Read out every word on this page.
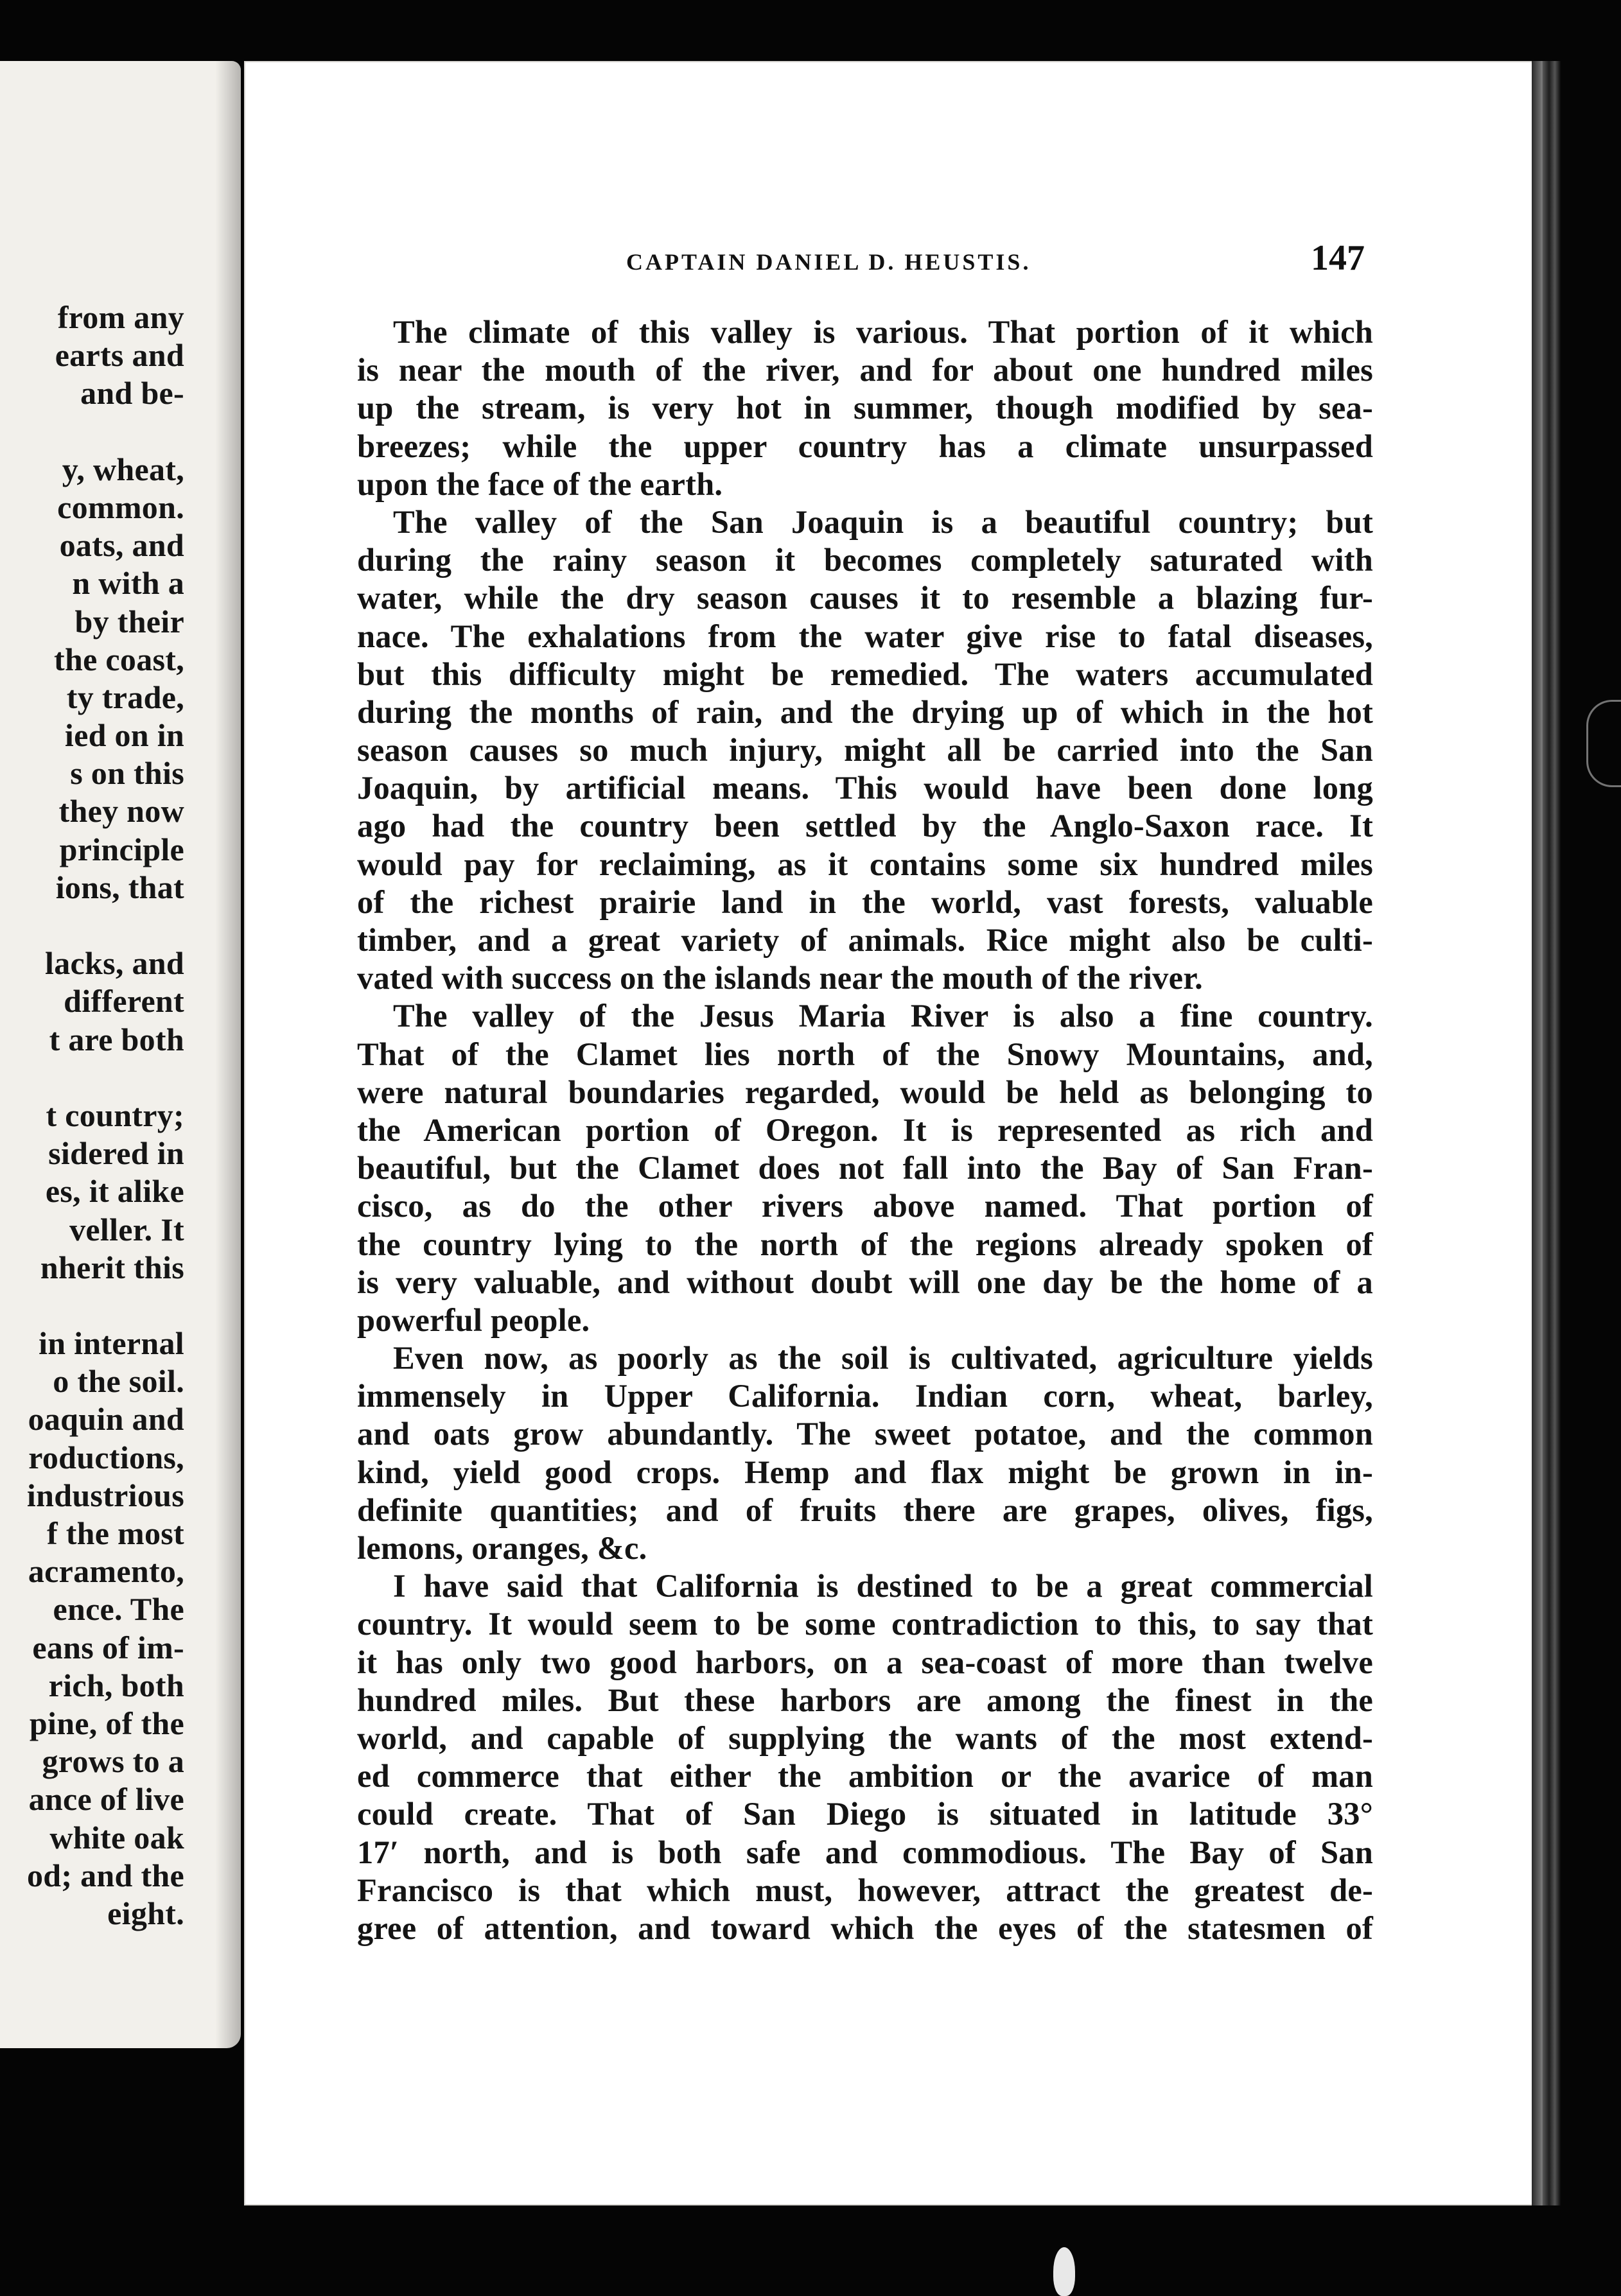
from any
earts and
and be-
y, wheat,
common.
oats, and
n with a
by their
the coast,
ty trade,
ied on in
s on this
they now
principle
ions, that
lacks, and
different
t are both
t country;
sidered in
es, it alike
veller. It
nherit this
in internal
o the soil.
oaquin and
roductions,
industrious
f the most
acramento,
ence. The
eans of im-
rich, both
pine, of the
grows to a
ance of live
white oak
od; and the
eight.
CAPTAIN DANIEL D. HEUSTIS.	147
The climate of this valley is various. That portion of it which
is near the mouth of the river, and for about one hundred miles
up the stream, is very hot in summer, though modified by sea-
breezes; while the upper country has a climate unsurpassed
upon the face of the earth.
The valley of the San Joaquin is a beautiful country; but
during the rainy season it becomes completely saturated with
water, while the dry season causes it to resemble a blazing fur-
nace. The exhalations from the water give rise to fatal diseases,
but this difficulty might be remedied. The waters accumulated
during the months of rain, and the drying up of which in the hot
season causes so much injury, might all be carried into the San
Joaquin, by artificial means. This would have been done long
ago had the country been settled by the Anglo-Saxon race. It
would pay for reclaiming, as it contains some six hundred miles
of the richest prairie land in the world, vast forests, valuable
timber, and a great variety of animals. Rice might also be culti-
vated with success on the islands near the mouth of the river.
The valley of the Jesus Maria River is also a fine country.
That of the Clamet lies north of the Snowy Mountains, and,
were natural boundaries regarded, would be held as belonging to
the American portion of Oregon. It is represented as rich and
beautiful, but the Clamet does not fall into the Bay of San Fran-
cisco, as do the other rivers above named. That portion of
the country lying to the north of the regions already spoken of
is very valuable, and without doubt will one day be the home of a
powerful people.
Even now, as poorly as the soil is cultivated, agriculture yields
immensely in Upper California. Indian corn, wheat, barley,
and oats grow abundantly. The sweet potatoe, and the common
kind, yield good crops. Hemp and flax might be grown in in-
definite quantities; and of fruits there are grapes, olives, figs,
lemons, oranges, &c.
I have said that California is destined to be a great commercial
country. It would seem to be some contradiction to this, to say that
it has only two good harbors, on a sea-coast of more than twelve
hundred miles. But these harbors are among the finest in the
world, and capable of supplying the wants of the most extend-
ed commerce that either the ambition or the avarice of man
could create. That of San Diego is situated in latitude 33°
17′ north, and is both safe and commodious. The Bay of San
Francisco is that which must, however, attract the greatest de-
gree of attention, and toward which the eyes of the statesmen of
